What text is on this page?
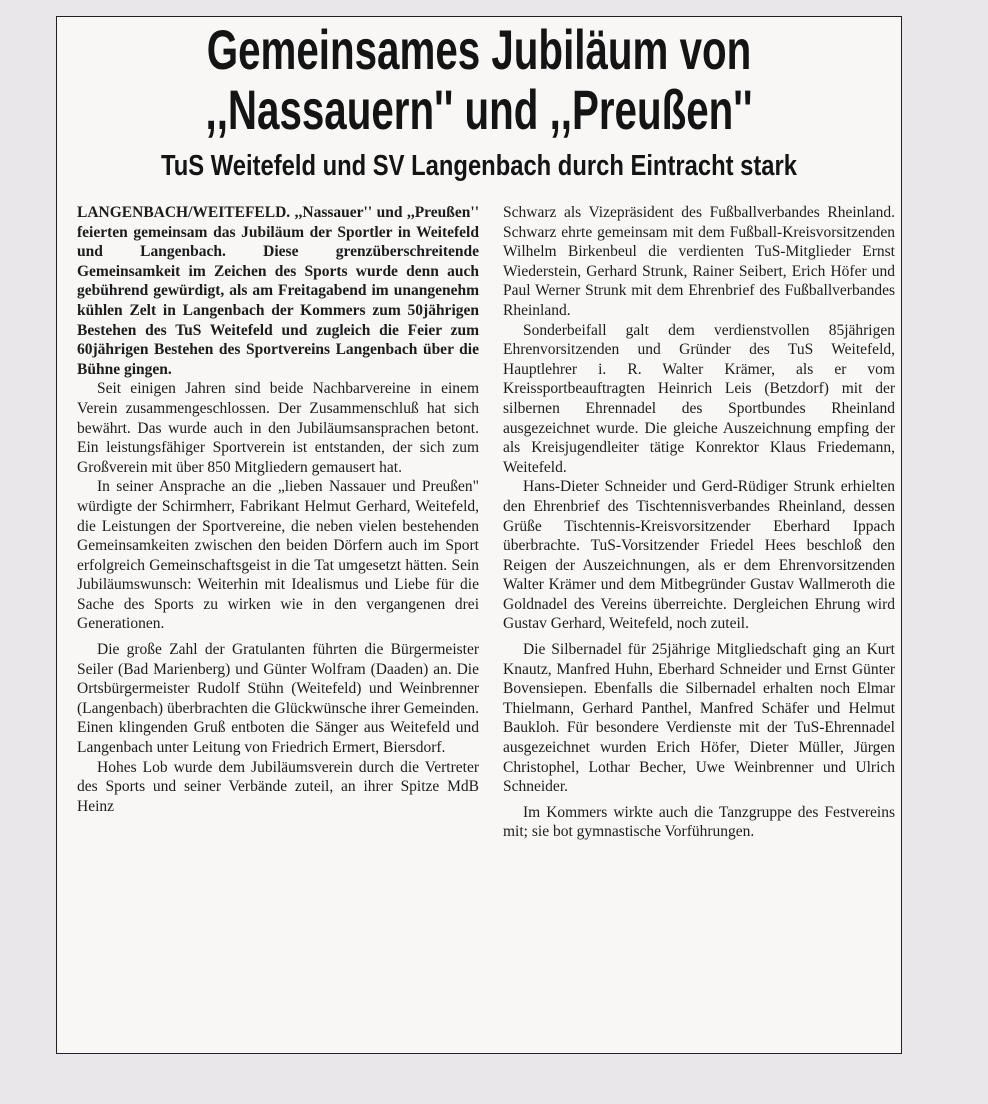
Gemeinsames Jubiläum von
,,Nassauern'' und ,,Preußen''
TuS Weitefeld und SV Langenbach durch Eintracht stark

LANGENBACH/WEITEFELD. ,,Nassauer'' und ,,Preußen'' feierten gemeinsam das Jubiläum der Sportler in Weitefeld und Langenbach. Diese grenzüberschreitende Gemeinsamkeit im Zeichen des Sports wurde denn auch gebührend gewürdigt, als am Freitagabend im unangenehm kühlen Zelt in Langenbach der Kommers zum 50jährigen Bestehen des TuS Weitefeld und zugleich die Feier zum 60jährigen Bestehen des Sportvereins Langenbach über die Bühne gingen.

Seit einigen Jahren sind beide Nachbarvereine in einem Verein zusammengeschlossen. Der Zusammenschluß hat sich bewährt. Das wurde auch in den Jubiläumsansprachen betont. Ein leistungsfähiger Sportverein ist entstanden, der sich zum Großverein mit über 850 Mitgliedern gemausert hat.

In seiner Ansprache an die „lieben Nassauer und Preußen" würdigte der Schirmherr, Fabrikant Helmut Gerhard, Weitefeld, die Leistungen der Sportvereine, die neben vielen bestehenden Gemeinsamkeiten zwischen den beiden Dörfern auch im Sport erfolgreich Gemeinschaftsgeist in die Tat umgesetzt hätten. Sein Jubiläumswunsch: Weiterhin mit Idealismus und Liebe für die Sache des Sports zu wirken wie in den vergangenen drei Generationen.

Die große Zahl der Gratulanten führten die Bürgermeister Seiler (Bad Marienberg) und Günter Wolfram (Daaden) an. Die Ortsbürgermeister Rudolf Stühn (Weitefeld) und Weinbrenner (Langenbach) überbrachten die Glückwünsche ihrer Gemeinden. Einen klingenden Gruß entboten die Sänger aus Weitefeld und Langenbach unter Leitung von Friedrich Ermert, Biersdorf.

Hohes Lob wurde dem Jubiläumsverein durch die Vertreter des Sports und seiner Verbände zuteil, an ihrer Spitze MdB Heinz

Schwarz als Vizepräsident des Fußballverbandes Rheinland. Schwarz ehrte gemeinsam mit dem Fußball-Kreisvorsitzenden Wilhelm Birkenbeul die verdienten TuS-Mitglieder Ernst Wiederstein, Gerhard Strunk, Rainer Seibert, Erich Höfer und Paul Werner Strunk mit dem Ehrenbrief des Fußballverbandes Rheinland.

Sonderbeifall galt dem verdienstvollen 85jährigen Ehrenvorsitzenden und Gründer des TuS Weitefeld, Hauptlehrer i. R. Walter Krämer, als er vom Kreissportbeauftragten Heinrich Leis (Betzdorf) mit der silbernen Ehrennadel des Sportbundes Rheinland ausgezeichnet wurde. Die gleiche Auszeichnung empfing der als Kreisjugendleiter tätige Konrektor Klaus Friedemann, Weitefeld.

Hans-Dieter Schneider und Gerd-Rüdiger Strunk erhielten den Ehrenbrief des Tischtennisverbandes Rheinland, dessen Grüße Tischtennis-Kreisvorsitzender Eberhard Ippach überbrachte. TuS-Vorsitzender Friedel Hees beschloß den Reigen der Auszeichnungen, als er dem Ehrenvorsitzenden Walter Krämer und dem Mitbegründer Gustav Wallmeroth die Goldnadel des Vereins überreichte. Dergleichen Ehrung wird Gustav Gerhard, Weitefeld, noch zuteil.

Die Silbernadel für 25jährige Mitgliedschaft ging an Kurt Knautz, Manfred Huhn, Eberhard Schneider und Ernst Günter Bovensiepen. Ebenfalls die Silbernadel erhalten noch Elmar Thielmann, Gerhard Panthel, Manfred Schäfer und Helmut Baukloh. Für besondere Verdienste mit der TuS-Ehrennadel ausgezeichnet wurden Erich Höfer, Dieter Müller, Jürgen Christophel, Lothar Becher, Uwe Weinbrenner und Ulrich Schneider.

Im Kommers wirkte auch die Tanzgruppe des Festvereins mit; sie bot gymnastische Vorführungen.
